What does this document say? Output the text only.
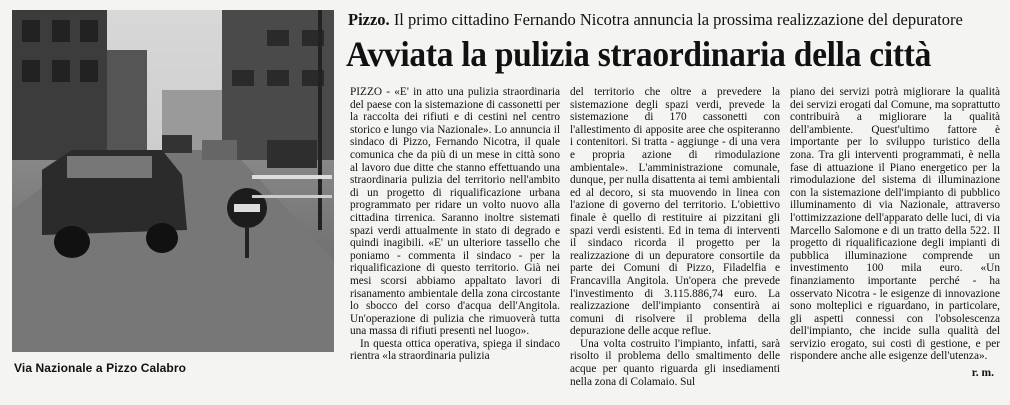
Via Nazionale a Pizzo Calabro
Pizzo. Il primo cittadino Fernando Nicotra annuncia la prossima realizzazione del depuratore
Avviata la pulizia straordinaria della città

PIZZO - «E' in atto una pulizia straordinaria del paese con la sistemazione di cassonetti per la raccolta dei rifiuti e di cestini nel centro storico e lungo via Nazionale». Lo annuncia il sindaco di Pizzo, Fernando Nicotra, il quale comunica che da più di un mese in città sono al lavoro due ditte che stanno effettuando una straordinaria pulizia del territorio nell'ambito di un progetto di riqualificazione urbana programmato per ridare un volto nuovo alla cittadina tirrenica. Saranno inoltre sistemati spazi verdi attualmente in stato di degrado e quindi inagibili. «E' un ulteriore tassello che poniamo - commenta il sindaco - per la riqualificazione di questo territorio. Già nei mesi scorsi abbiamo appaltato lavori di risanamento ambientale della zona circostante lo sbocco del corso d'acqua dell'Angitola. Un'operazione di pulizia che rimuoverà tutta una massa di rifiuti presenti nel luogo».

In questa ottica operativa, spiega il sindaco rientra «la straordinaria pulizia

del territorio che oltre a prevedere la sistemazione degli spazi verdi, prevede la sistemazione di 170 cassonetti con l'allestimento di apposite aree che ospiteranno i contenitori. Si tratta - aggiunge - di una vera e propria azione di rimodulazione ambientale». L'amministrazione comunale, dunque, per nulla disattenta ai temi ambientali ed al decoro, si sta muovendo in linea con l'azione di governo del territorio. L'obiettivo finale è quello di restituire ai pizzitani gli spazi verdi esistenti. Ed in tema di interventi il sindaco ricorda il progetto per la realizzazione di un depuratore consortile da parte dei Comuni di Pizzo, Filadelfia e Francavilla Angitola. Un'opera che prevede l'investimento di 3.115.886,74 euro. La realizzazione dell'impianto consentirà ai comuni di risolvere il problema della depurazione delle acque reflue.

Una volta costruito l'impianto, infatti, sarà risolto il problema dello smaltimento delle acque per quanto riguarda gli insediamenti nella zona di Colamaio. Sul

piano dei servizi potrà migliorare la qualità dei servizi erogati dal Comune, ma soprattutto contribuirà a migliorare la qualità dell'ambiente. Quest'ultimo fattore è importante per lo sviluppo turistico della zona. Tra gli interventi programmati, è nella fase di attuazione il Piano energetico per la rimodulazione del sistema di illuminazione con la sistemazione dell'impianto di pubblico illuminamento di via Nazionale, attraverso l'ottimizzazione dell'apparato delle luci, di via Marcello Salomone e di un tratto della 522. Il progetto di riqualificazione degli impianti di pubblica illuminazione comprende un investimento 100 mila euro. «Un finanziamento importante perché - ha osservato Nicotra - le esigenze di innovazione sono molteplici e riguardano, in particolare, gli aspetti connessi con l'obsolescenza dell'impianto, che incide sulla qualità del servizio erogato, sui costi di gestione, e per rispondere anche alle esigenze dell'utenza».

r. m.
